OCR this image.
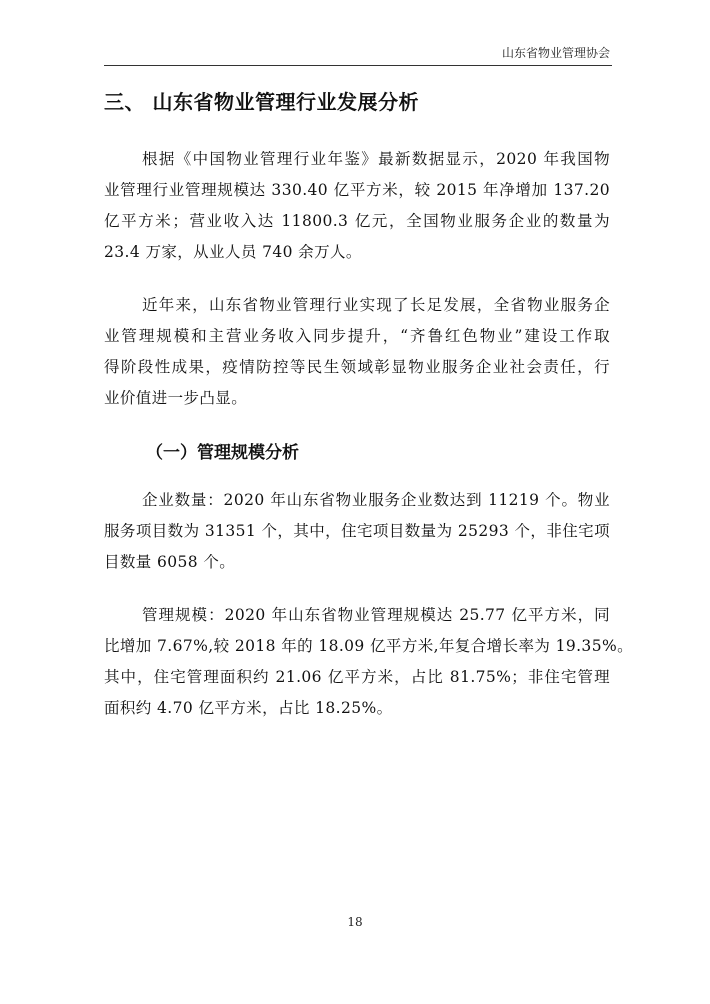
山东省物业管理协会
三、 山东省物业管理行业发展分析
根据《中国物业管理行业年鉴》最新数据显示，2020 年我国物
业管理行业管理规模达 330.40 亿平方米，较 2015 年净增加 137.20
亿平方米；营业收入达 11800.3 亿元，全国物业服务企业的数量为
23.4 万家，从业人员 740 余万人。
近年来，山东省物业管理行业实现了长足发展，全省物业服务企
业管理规模和主营业务收入同步提升，“齐鲁红色物业”建设工作取
得阶段性成果，疫情防控等民生领域彰显物业服务企业社会责任，行
业价值进一步凸显。
（一）管理规模分析
企业数量：2020 年山东省物业服务企业数达到 11219 个。物业
服务项目数为 31351 个，其中，住宅项目数量为 25293 个，非住宅项
目数量 6058 个。
管理规模：2020 年山东省物业管理规模达 25.77 亿平方米，同
比增加 7.67%,较 2018 年的 18.09 亿平方米,年复合增长率为 19.35%。
其中，住宅管理面积约 21.06 亿平方米，占比 81.75%；非住宅管理
面积约 4.70 亿平方米，占比 18.25%。
18
